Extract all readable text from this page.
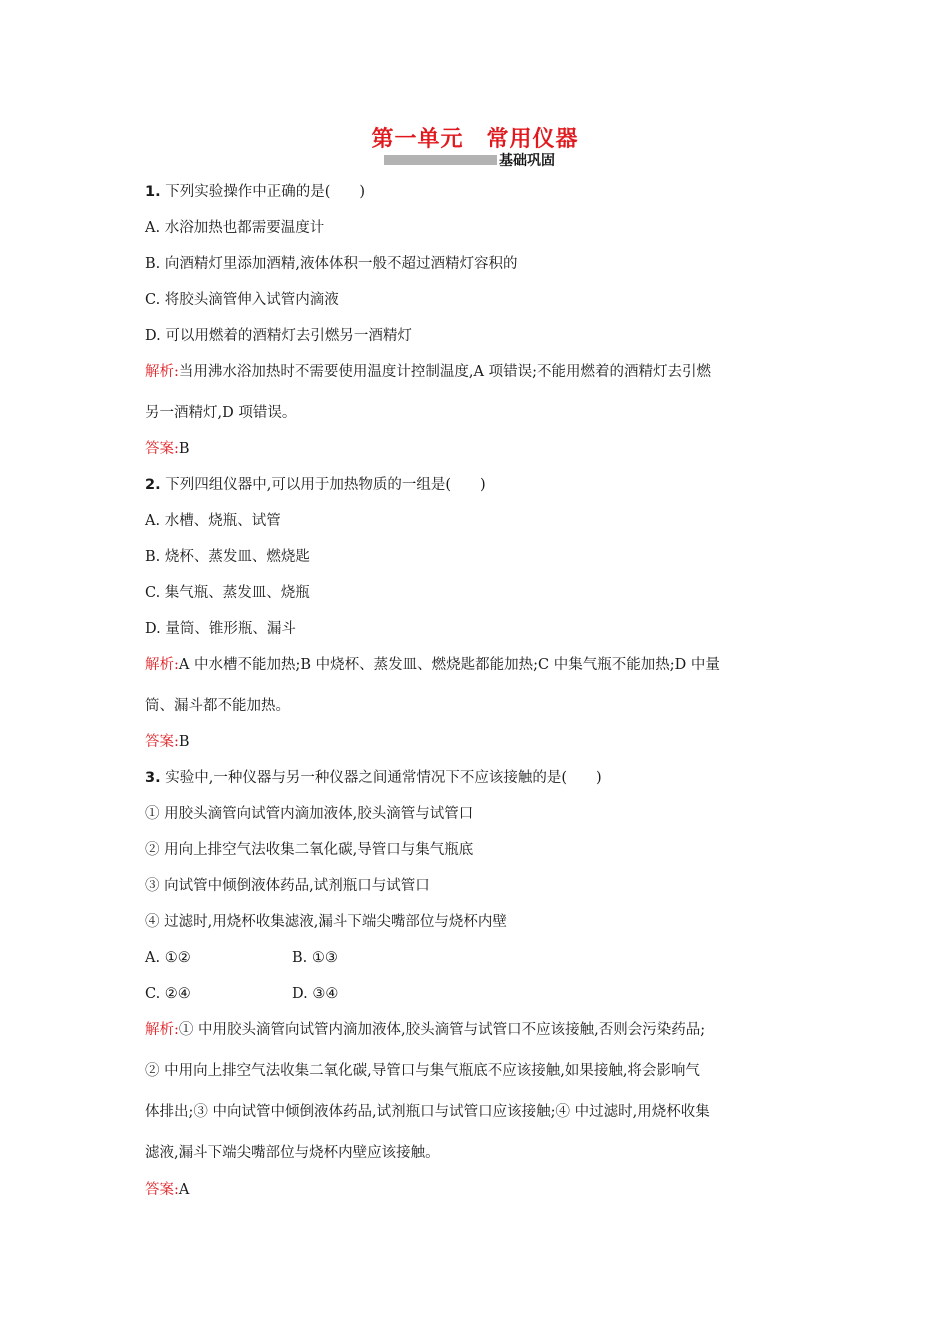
第一单元　常用仪器
基础巩固
1. 下列实验操作中正确的是(　　)
A. 水浴加热也都需要温度计
B. 向酒精灯里添加酒精,液体体积一般不超过酒精灯容积的
C. 将胶头滴管伸入试管内滴液
D. 可以用燃着的酒精灯去引燃另一酒精灯
解析:当用沸水浴加热时不需要使用温度计控制温度,A 项错误;不能用燃着的酒精灯去引燃
另一酒精灯,D 项错误。
答案:B
2. 下列四组仪器中,可以用于加热物质的一组是(　　)
A. 水槽、烧瓶、试管
B. 烧杯、蒸发皿、燃烧匙
C. 集气瓶、蒸发皿、烧瓶
D. 量筒、锥形瓶、漏斗
解析:A 中水槽不能加热;B 中烧杯、蒸发皿、燃烧匙都能加热;C 中集气瓶不能加热;D 中量
筒、漏斗都不能加热。
答案:B
3. 实验中,一种仪器与另一种仪器之间通常情况下不应该接触的是(　　)
① 用胶头滴管向试管内滴加液体,胶头滴管与试管口
② 用向上排空气法收集二氧化碳,导管口与集气瓶底
③ 向试管中倾倒液体药品,试剂瓶口与试管口
④ 过滤时,用烧杯收集滤液,漏斗下端尖嘴部位与烧杯内壁
A. ①②	B. ①③
C. ②④	D. ③④
解析:① 中用胶头滴管向试管内滴加液体,胶头滴管与试管口不应该接触,否则会污染药品;
② 中用向上排空气法收集二氧化碳,导管口与集气瓶底不应该接触,如果接触,将会影响气
体排出;③ 中向试管中倾倒液体药品,试剂瓶口与试管口应该接触;④ 中过滤时,用烧杯收集
滤液,漏斗下端尖嘴部位与烧杯内壁应该接触。
答案:A
